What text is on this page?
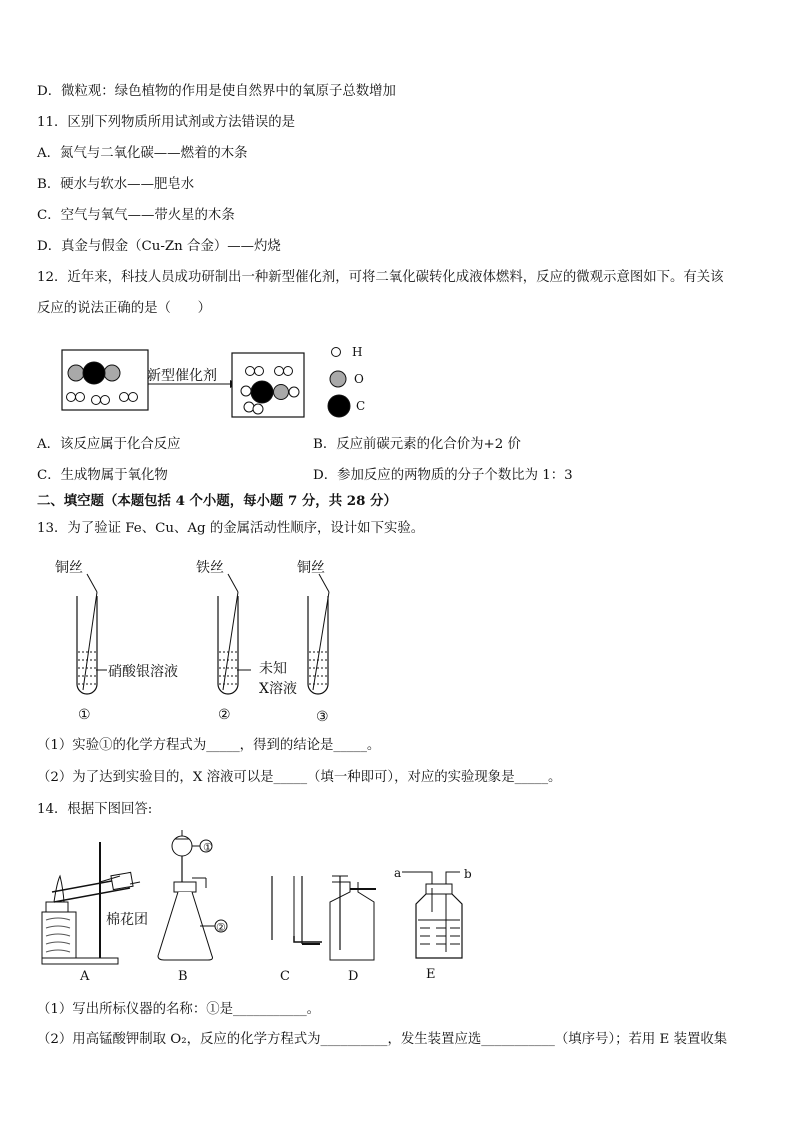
D．微粒观：绿色植物的作用是使自然界中的氧原子总数增加
11．区别下列物质所用试剂或方法错误的是
A．氮气与二氧化碳——燃着的木条
B．硬水与软水——肥皂水
C．空气与氧气——带火星的木条
D．真金与假金（Cu-Zn 合金）——灼烧
12．近年来，科技人员成功研制出一种新型催化剂，可将二氧化碳转化成液体燃料，反应的微观示意图如下。有关该
反应的说法正确的是（　　）
新型催化剂
H
O
C
A．该反应属于化合反应	B．反应前碳元素的化合价为+2 价
C．生成物属于氧化物	D．参加反应的两物质的分子个数比为 1：3
二、填空题（本题包括 4 个小题，每小题 7 分，共 28 分）
13．为了验证 Fe、Cu、Ag 的金属活动性顺序，设计如下实验。
铜丝
硝酸银溶液
①
铁丝
未知
X溶液
②
铜丝
③
（1）实验①的化学方程式为_____，得到的结论是_____。
（2）为了达到实验目的，X 溶液可以是_____（填一种即可），对应的实验现象是_____。
14．根据下图回答:
棉花团
A
①
②
B	C	D
a	b
E
（1）写出所标仪器的名称：①是___________。
（2）用高锰酸钾制取 O₂，反应的化学方程式为__________，发生装置应选___________（填序号）；若用 E 装置收集
